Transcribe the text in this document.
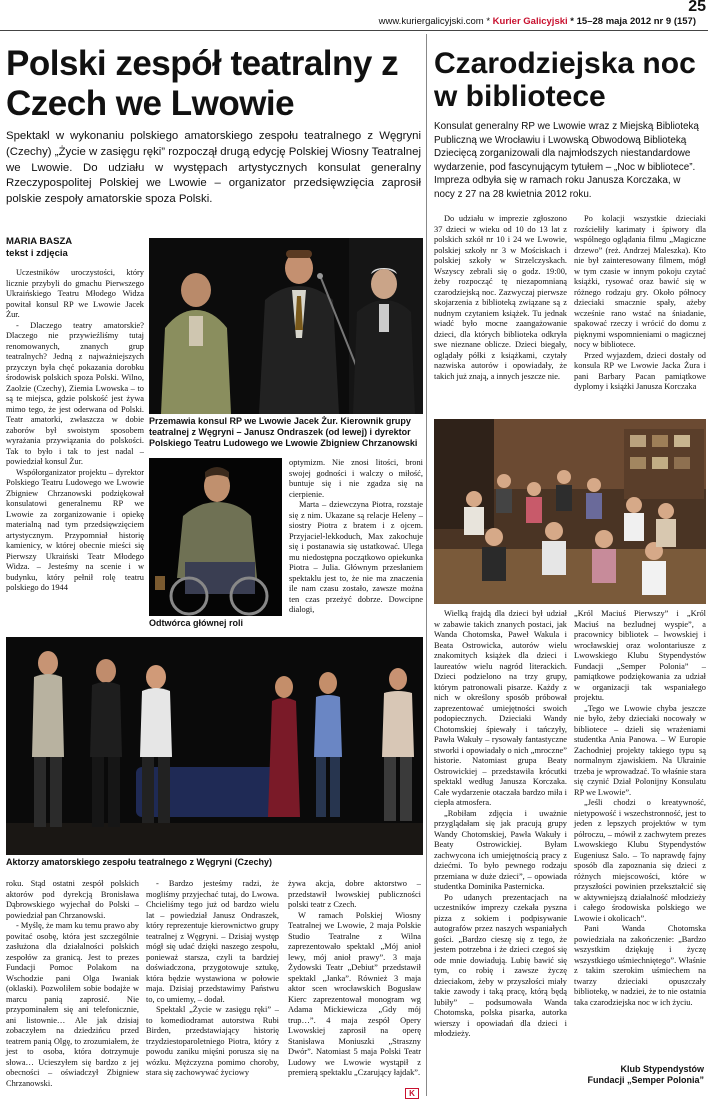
www.kuriergalicyjski.com * Kurier Galicyjski * 15–28 maja 2012 nr 9 (157)
25
Polski zespół teatralny z Czech we Lwowie
Spektakl w wykonaniu polskiego amatorskiego zespołu teatralnego z Węgryni (Czechy) „Życie w zasięgu ręki” rozpoczął drugą edycję Polskiej Wiosny Teatralnej we Lwowie. Do udziału w występach artystycznych konsulat generalny Rzeczypospolitej Polskiej we Lwowie – organizator przedsięwzięcia zaprosił polskie zespoły amatorskie spoza Polski.
MARIA BASZA
tekst i zdjęcia

Uczestników uroczystości, który licznie przybyli do gmachu Pierwszego Ukraińskiego Teatru Młodego Widza powitał konsul RP we Lwowie Jacek Żur.

- Dlaczego teatry amatorskie? Dlaczego nie przywieźliśmy tutaj renomowanych, znanych grup teatralnych? Jedną z najważniejszych przyczyn była chęć pokazania dorobku środowisk polskich spoza Polski. Wilno, Zaolzie (Czechy), Ziemia Lwowska – to są te miejsca, gdzie polskość jest żywa mimo tego, że jest oderwana od Polski. Teatr amatorki, zwłaszcza w dobie zaborów był swoistym sposobem wyrażania przywiązania do polskości. Tak to było i tak to jest nadal – powiedział konsul Żur.

Współorganizator projektu – dyrektor Polskiego Teatru Ludowego we Lwowie Zbigniew Chrzanowski podziękował konsulatowi generalnemu RP we Lwowie za zorganizowanie i opiekę materialną nad tym przedsięwzięciem artystycznym. Przypomniał historię kamienicy, w której obecnie mieści się Pierwszy Ukraiński Teatr Młodego Widza. – Jesteśmy na scenie i w budynku, który pełnił rolę teatru polskiego do 1944

Przemawia konsul RP we Lwowie Jacek Żur. Kierownik grupy teatralnej z Węgryni – Janusz Ondraszek (od lewej) i dyrektor Polskiego Teatru Ludowego we Lwowie Zbigniew Chrzanowski
Odtwórca głównej roli

optymizm. Nie znosi litości, broni swojej godności i walczy o miłość, buntuje się i nie zgadza się na cierpienie.

Marta – dziewczyna Piotra, rozstaje się z nim. Ukazane są relacje Heleny – siostry Piotra z bratem i z ojcem. Przyjaciel-lekkoduch, Max zakochuje się i postanawia się ustatkować. Ulega mu niedostępna początkowo opiekunka Piotra – Julia. Głównym przesłaniem spektaklu jest to, że nie ma znaczenia ile nam czasu zostało, zawsze można ten czas przeżyć dobrze. Dowcipne dialogi,

Aktorzy amatorskiego zespołu teatralnego z Węgryni (Czechy)

roku. Stąd ostatni zespół polskich aktorów pod dyrekcją Bronisława Dąbrowskiego wyjechał do Polski – powiedział pan Chrzanowski.

- Myślę, że mam ku temu prawo aby powitać osobę, która jest szczególnie zasłużona dla działalności polskich zespołów za granicą. Jest to prezes Fundacji Pomoc Polakom na Wschodzie pani Olga Iwaniak (oklaski). Pozwoliłem sobie bodajże w marcu panią zaprosić. Nie przypominałem się ani telefonicznie, ani listownie… Ale jak dzisiaj zobaczyłem na dziedzińcu przed teatrem panią Olgę, to zrozumiałem, że jest to osoba, która dotrzymuje słowa… Ucieszyłem się bardzo z jej obecności – oświadczył Zbigniew Chrzanowski.

- Bardzo jesteśmy radzi, że mogliśmy przyjechać tutaj, do Lwowa. Chcieliśmy tego już od bardzo wielu lat – powiedział Janusz Ondraszek, który reprezentuje kierownictwo grupy teatralnej z Węgryni. – Dzisiaj występ mógł się udać dzięki naszego zespołu, ponieważ starsza, czyli ta bardziej doświadczona, przygotowuje sztukę, która będzie wystawiona w połowie maja. Dzisiaj przedstawimy Państwu to, co umiemy, – dodał.

Spektakl „Życie w zasięgu ręki” – to komediodramat autorstwa Rubi Birden, przedstawiający historię trzydziestoparoletniego Piotra, który z powodu zaniku mięśni porusza się na wózku. Mężczyzna pomimo choroby, stara się zachowywać życiowy

żywa akcja, dobre aktorstwo – przedstawił lwowskiej publiczności polski teatr z Czech.

W ramach Polskiej Wiosny Teatralnej we Lwowie, 2 maja Polskie Studio Teatralne z Wilna zaprezentowało spektakl „Mój anioł lewy, mój anioł prawy”. 3 maja Żydowski Teatr „Debiut” przedstawił spektakl „Janka”. Również 3 maja aktor scen wrocławskich Bogusław Kierc zaprezentował monogram wg Adama Mickiewicza „Gdy mój trup…”. 4 maja zespół Opery Lwowskiej zaprosił na operę Stanisława Moniuszki „Straszny Dwór”. Natomiast 5 maja Polski Teatr Ludowy we Lwowie wystąpił z premierą spektaklu „Czarujący łajdak”.

K
Czarodziejska noc w bibliotece
Konsulat generalny RP we Lwowie wraz z Miejską Biblioteką Publiczną we Wrocławiu i Lwowską Obwodową Biblioteką Dziecięcą zorganizowali dla najmłodszych niestandardowe wydarzenie, pod fascynującym tytułem – „Noc w bibliotece”. Impreza odbyła się w ramach roku Janusza Korczaka, w nocy z 27 na 28 kwietnia 2012 roku.

Do udziału w imprezie zgłoszono 37 dzieci w wieku od 10 do 13 lat z polskich szkół nr 10 i 24 we Lwowie, polskiej szkoły nr 3 w Mościskach i polskiej szkoły w Strzelczyskach. Wszyscy zebrali się o godz. 19:00, żeby rozpocząć tę niezapomnianą czarodziejską noc. Zazwyczaj pierwsze skojarzenia z biblioteką związane są z nudnym czytaniem książek. Tu jednak wiadć było mocne zaangażowanie dzieci, dla których biblioteka odkryła swe nieznane oblicze. Dzieci biegały, oglądały półki z książkami, czytały nazwiska autorów i opowiadały, że takich już znają, a innych jeszcze nie.

Po kolacji wszystkie dzieciaki rozściełiły karimaty i śpiwory dla wspólnego oglądania filmu „Magiczne drzewo” (reż. Andrzej Maleszka). Kto nie był zainteresowany filmem, mógł w tym czasie w innym pokoju czytać książki, rysować oraz bawić się w różnego rodzaju gry. Około północy dzieciaki smacznie spały, ażeby wcześnie rano wstać na śniadanie, spakować rzeczy i wrócić do domu z pięknymi wspomnieniami o magicznej nocy w bibliotece.

Przed wyjazdem, dzieci dostały od konsula RP we Lwowie Jacka Żura i pani Barbary Pacan pamiątkowe dyplomy i książki Janusza Korczaka

Wielką frajdą dla dzieci był udział w zabawie takich znanych postaci, jak Wanda Chotomska, Paweł Wakula i Beata Ostrowicka, autorów wielu znakomitych książek dla dzieci i laureatów wielu nagród literackich. Dzieci podzielono na trzy grupy, którym patronowali pisarze. Każdy z nich w określony sposób próbował zaprezentować umiejętności swoich podopiecznych. Dzieciaki Wandy Chotomskiej śpiewały i tańczyły, Pawła Wakuły – rysowały fantastyczne stworki i opowiadały o nich „mroczne” historie. Natomiast grupa Beaty Ostrowickiej – przedstawiła krócutki spektakl według Janusza Korczaka. Całe wydarzenie otaczała bardzo miła i ciepła atmosfera.

„Robiłam zdjęcia i uważnie przyglądałam się jak pracują grupy Wandy Chotomskiej, Pawła Wakuły i Beaty Ostrowickiej. Byłam zachwycona ich umiejętnością pracy z dziećmi. To było pewnego rodzaju przemiana w duże dzieci”, – opowiada studentka Dominika Pasternicka.

Po udanych prezentacjach na uczestników imprezy czekała pyszna pizza z sokiem i podpisywanie autografów przez naszych wspaniałych gości. „Bardzo cieszę się z tego, że jestem potrzebna i że dzieci czegoś się ode mnie dowiadują. Lubię bawić się tym, co robię i zawsze życzę dzieciakom, żeby w przyszłości miały takie zawody i taką pracę, którą będą lubiły” – podsumowała Wanda Chotomska, polska pisarka, autorka wierszy i opowiadań dla dzieci i młodzieży.

„Król Maciuś Pierwszy” i „Król Maciuś na bezludnej wyspie”, a pracownicy bibliotek – lwowskiej i wrocławskiej oraz wolontariusze z Lwowskiego Klubu Stypendystów Fundacji „Semper Polonia” – pamiątkowe podziękowania za udział w organizacji tak wspaniałego projektu.

„Tego we Lwowie chyba jeszcze nie było, żeby dzieciaki nocowały w bibliotece – dzieli się wrażeniami studentka Ania Panowa. – W Europie Zachodniej projekty takiego typu są normalnym zjawiskiem. Na Ukrainie trzeba je wprowadzać. To właśnie stara się czynić Dział Polonijny Konsulatu RP we Lwowie”.

„Jeśli chodzi o kreatywność, nietypowość i wszechstronność, jest to jeden z lepszych projektów w tym półroczu, – mówił z zachwytem prezes Lwowskiego Klubu Stypendystów Eugeniusz Salo. – To naprawdę fajny sposób dla zapoznania się dzieci z różnych miejscowości, które w przyszłości powinien przekształcić się w aktywniejszą działalność młodzieży i całego środowiska polskiego we Lwowie i okolicach”.

Pani Wanda Chotomska powiedziała na zakończenie: „Bardzo wszystkim dziękuję i życzę wszystkiego uśmiechniętego”. Właśnie z takim szerokim uśmiechem na twarzy dzieciaki opuszczały bibliotekę, w nadziei, że to nie ostatnia taka czarodziejska noc w ich życiu.

Klub Stypendystów
Fundacji „Semper Polonia”
